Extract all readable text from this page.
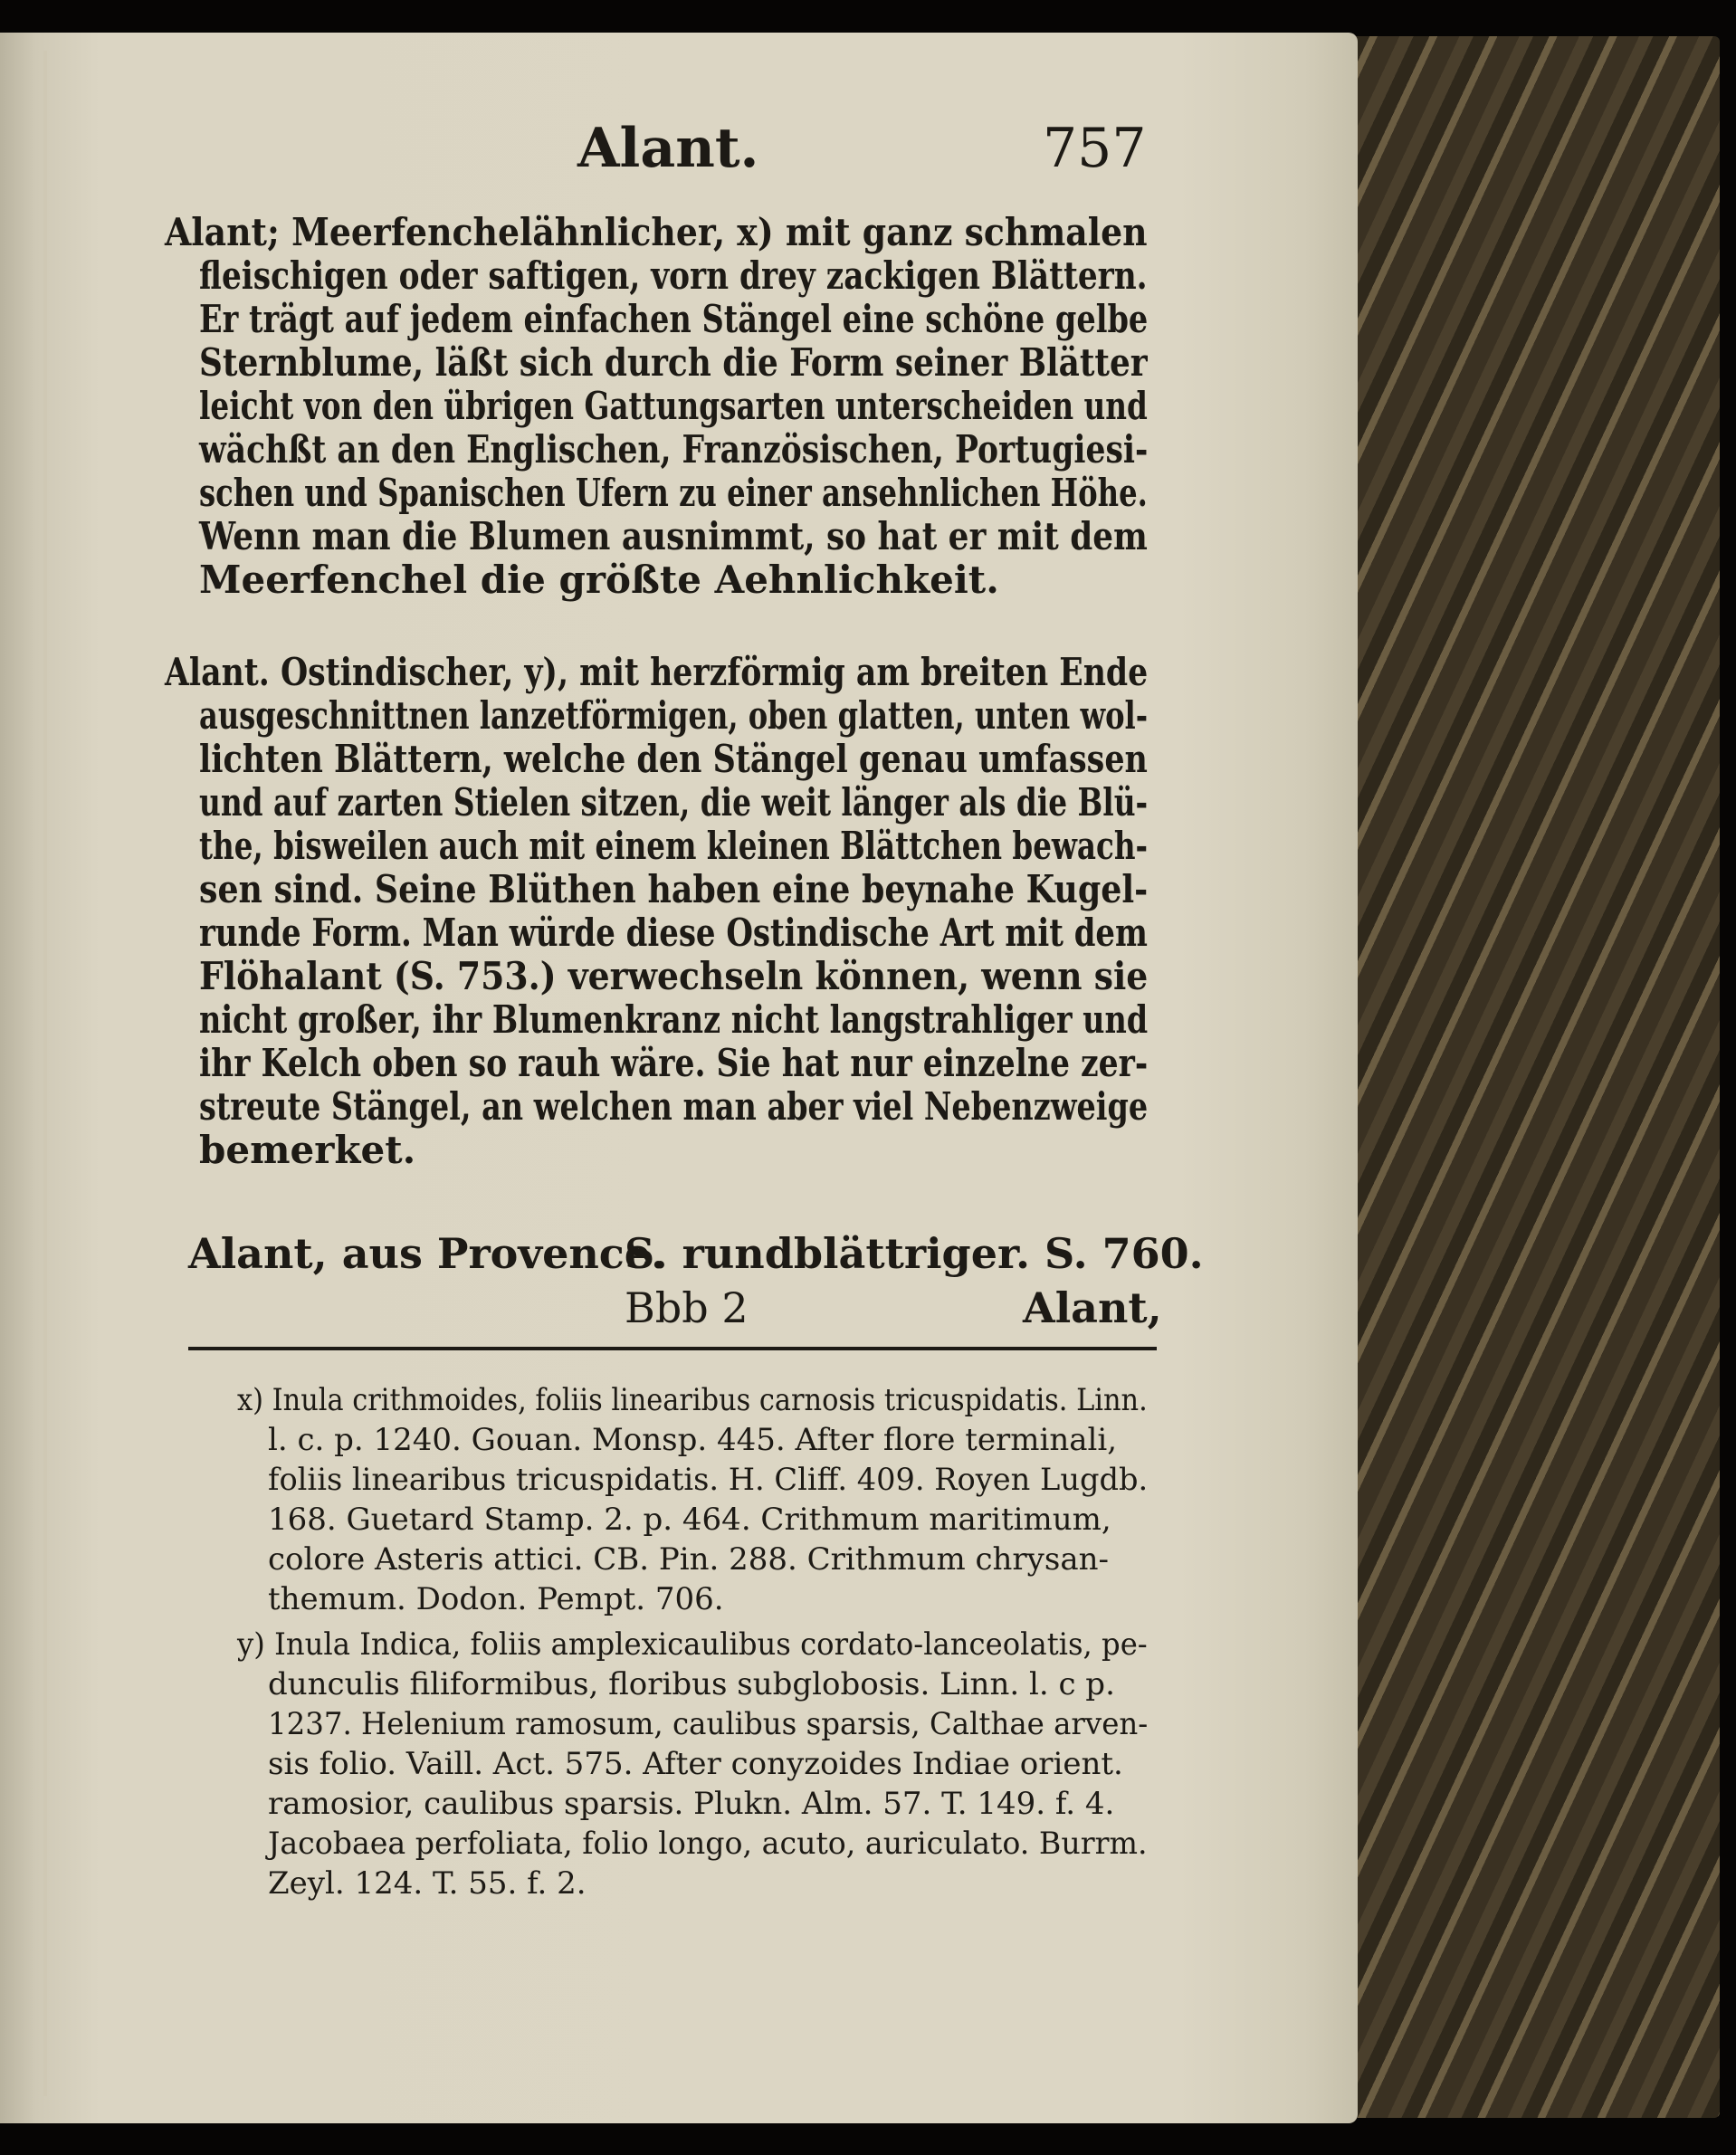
Alant.	757
Alant; Meerfenchelähnlicher, x) mit ganz schmalen
fleischigen oder saftigen, vorn drey zackigen Blättern.
Er trägt auf jedem einfachen Stängel eine schöne gelbe
Sternblume, läßt sich durch die Form seiner Blätter
leicht von den übrigen Gattungsarten unterscheiden und
wächßt an den Englischen, Französischen, Portugiesi-
schen und Spanischen Ufern zu einer ansehnlichen Höhe.
Wenn man die Blumen ausnimmt, so hat er mit dem
Meerfenchel die größte Aehnlichkeit.
Alant. Ostindischer, y), mit herzförmig am breiten Ende
ausgeschnittnen lanzetförmigen, oben glatten, unten wol-
lichten Blättern, welche den Stängel genau umfassen
und auf zarten Stielen sitzen, die weit länger als die Blü-
the, bisweilen auch mit einem kleinen Blättchen bewach-
sen sind. Seine Blüthen haben eine beynahe Kugel-
runde Form. Man würde diese Ostindische Art mit dem
Flöhalant (S. 753.) verwechseln können, wenn sie
nicht großer, ihr Blumenkranz nicht langstrahliger und
ihr Kelch oben so rauh wäre. Sie hat nur einzelne zer-
streute Stängel, an welchen man aber viel Nebenzweige
bemerket.
Alant, aus Provence.
S. rundblättriger. S. 760.
Bbb 2	Alant,
x) Inula crithmoides, foliis linearibus carnosis tricuspidatis. Linn.
l. c. p. 1240. Gouan. Monsp. 445. After flore terminali,
foliis linearibus tricuspidatis. H. Cliff. 409. Royen Lugdb.
168. Guetard Stamp. 2. p. 464. Crithmum maritimum,
colore Asteris attici. CB. Pin. 288. Crithmum chrysan-
themum. Dodon. Pempt. 706.
y) Inula Indica, foliis amplexicaulibus cordato-lanceolatis, pe-
dunculis filiformibus, floribus subglobosis. Linn. l. c p.
1237. Helenium ramosum, caulibus sparsis, Calthae arven-
sis folio. Vaill. Act. 575. After conyzoides Indiae orient.
ramosior, caulibus sparsis. Plukn. Alm. 57. T. 149. f. 4.
Jacobaea perfoliata, folio longo, acuto, auriculato. Burrm.
Zeyl. 124. T. 55. f. 2.
